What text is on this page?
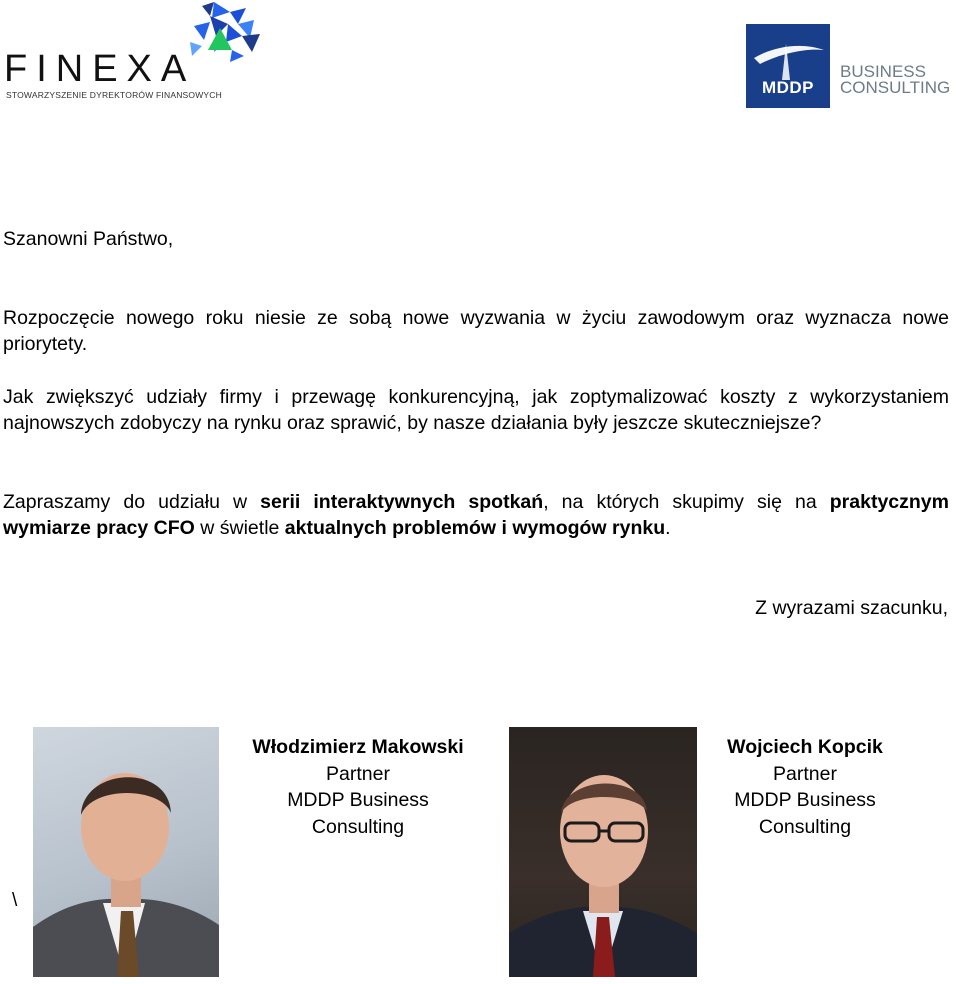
FINEXA
STOWARZYSZENIE DYREKTORÓW FINANSOWYCH	MDDP
BUSINESS
CONSULTING
Szanowni Państwo,
Rozpoczęcie nowego roku niesie ze sobą nowe wyzwania w życiu zawodowym oraz wyznacza nowe priorytety.
Jak zwiększyć udziały firmy i przewagę konkurencyjną, jak zoptymalizować koszty z wykorzystaniem najnowszych zdobyczy na rynku oraz sprawić, by nasze działania były jeszcze skuteczniejsze?
Zapraszamy do udziału w serii interaktywnych spotkań, na których skupimy się na praktycznym wymiarze pracy CFO w świetle aktualnych problemów i wymogów rynku.
Z wyrazami szacunku,
Włodzimierz Makowski
Partner
MDDP Business
Consulting
Wojciech Kopcik
Partner
MDDP Business
Consulting
\
